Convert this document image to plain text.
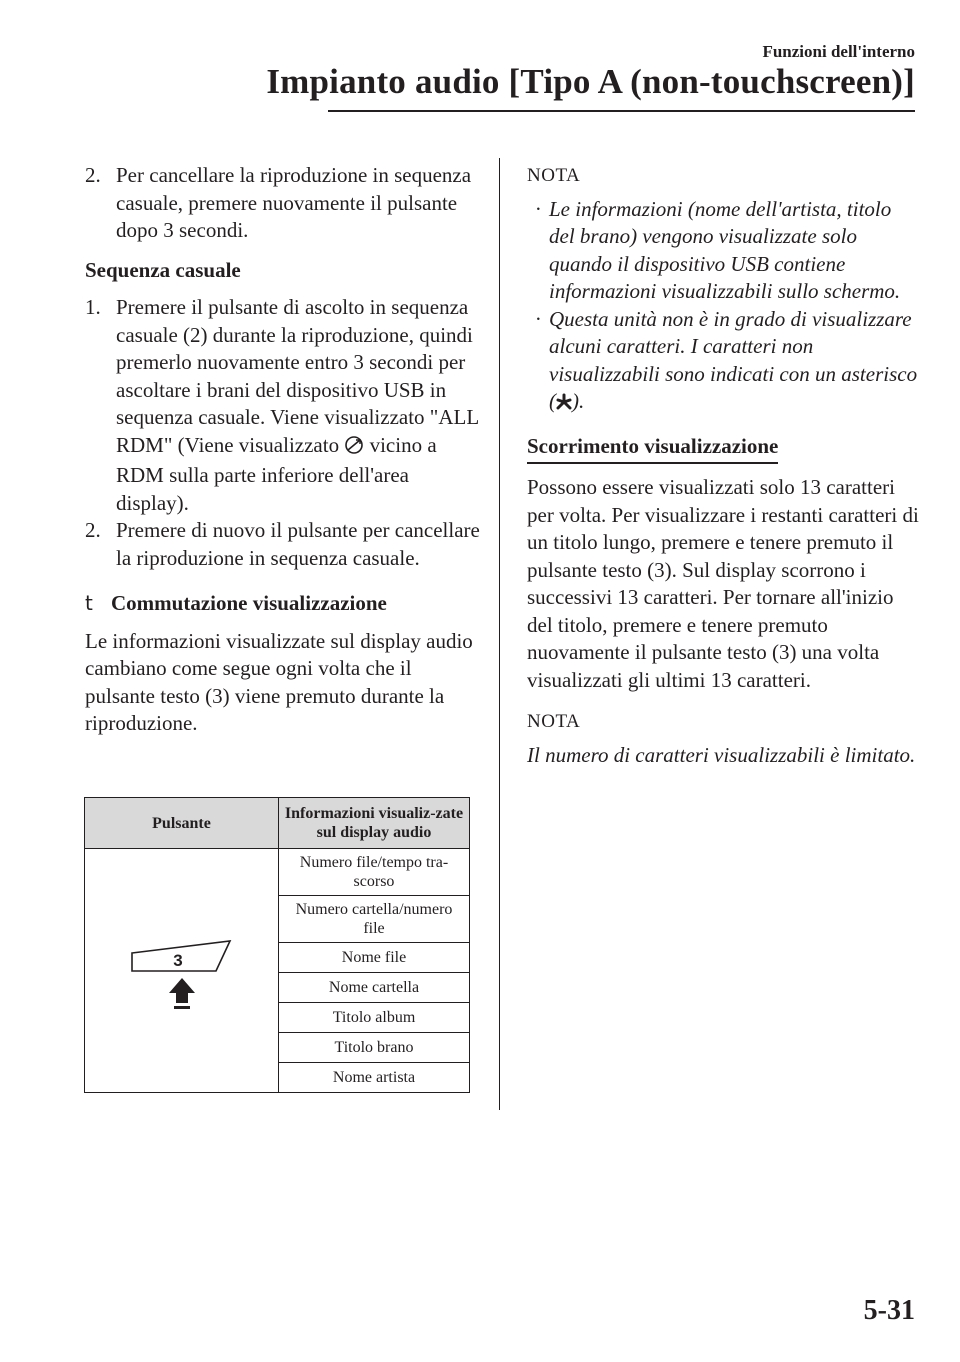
Funzioni dell'interno
Impianto audio [Tipo A (non-touchscreen)]
2. Per cancellare la riproduzione in sequenza casuale, premere nuovamente il pulsante dopo 3 secondi.
Sequenza casuale
1. Premere il pulsante di ascolto in sequenza casuale (2) durante la riproduzione, quindi premerlo nuovamente entro 3 secondi per ascoltare i brani del dispositivo USB in sequenza casuale. Viene visualizzato "ALL RDM" (Viene visualizzato  vicino a RDM sulla parte inferiore dell'area display).
2. Premere di nuovo il pulsante per cancellare la riproduzione in sequenza casuale.
t Commutazione visualizzazione
Le informazioni visualizzate sul display audio cambiano come segue ogni volta che il pulsante testo (3) viene premuto durante la riproduzione.
Pulsante	Informazioni visualiz-zate sul display audio

3	Numero file/tempo tra-scorso
	Numero cartella/numero file
	Nome file
	Nome cartella
	Titolo album
	Titolo brano
	Nome artista
NOTA
· Le informazioni (nome dell'artista, titolo del brano) vengono visualizzate solo quando il dispositivo USB contiene informazioni visualizzabili sullo schermo.
· Questa unità non è in grado di visualizzare alcuni caratteri. I caratteri non visualizzabili sono indicati con un asterisco ( ).
Scorrimento visualizzazione
Possono essere visualizzati solo 13 caratteri per volta. Per visualizzare i restanti caratteri di un titolo lungo, premere e tenere premuto il pulsante testo (3). Sul display scorrono i successivi 13 caratteri. Per tornare all'inizio del titolo, premere e tenere premuto nuovamente il pulsante testo (3) una volta visualizzati gli ultimi 13 caratteri.
NOTA
Il numero di caratteri visualizzabili è limitato.
5-31
